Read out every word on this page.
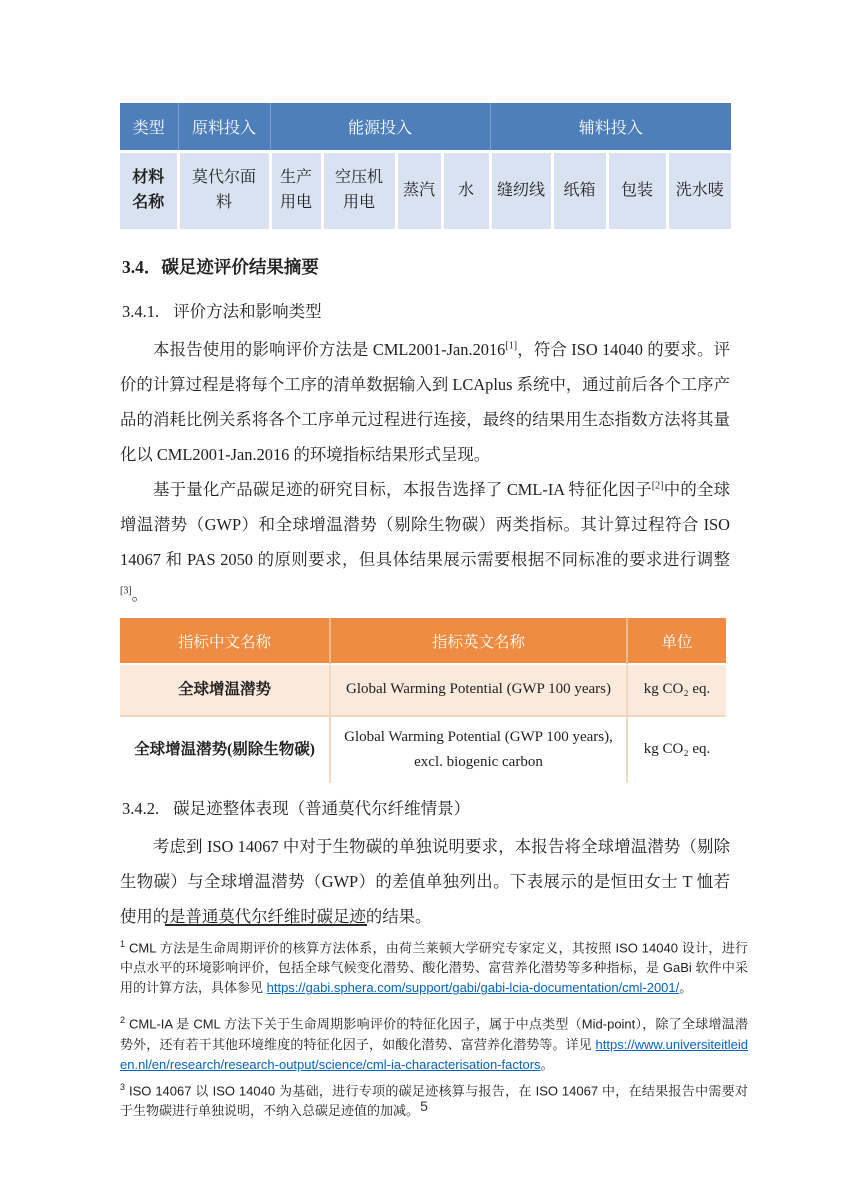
类型	原料投入	能源投入				辅料投入			
材料名称	莫代尔面料	生产用电	空压机用电	蒸汽	水	缝纫线	纸箱	包装	洗水唛
3.4．碳足迹评价结果摘要
3.4.1. 评价方法和影响类型

本报告使用的影响评价方法是 CML2001-Jan.2016[1]，符合 ISO 14040 的要求。评价的计算过程是将每个工序的清单数据输入到 LCAplus 系统中，通过前后各个工序产品的消耗比例关系将各个工序单元过程进行连接，最终的结果用生态指数方法将其量化以 CML2001-Jan.2016 的环境指标结果形式呈现。

基于量化产品碳足迹的研究目标，本报告选择了 CML-IA 特征化因子[2]中的全球增温潜势（GWP）和全球增温潜势（剔除生物碳）两类指标。其计算过程符合 ISO 14067 和 PAS 2050 的原则要求，但具体结果展示需要根据不同标准的要求进行调整[3]。

指标中文名称	指标英文名称	单位
全球增温潜势	Global Warming Potential (GWP 100 years)	kg CO₂ eq.
全球增温潜势(剔除生物碳)	Global Warming Potential (GWP 100 years), excl. biogenic carbon	kg CO₂ eq.
3.4.2. 碳足迹整体表现（普通莫代尔纤维情景）

考虑到 ISO 14067 中对于生物碳的单独说明要求，本报告将全球增温潜势（剔除生物碳）与全球增温潜势（GWP）的差值单独列出。下表展示的是恒田女士 T 恤若使用的是普通莫代尔纤维时碳足迹的结果。

$^1$ CML 方法是生命周期评价的核算方法体系，由荷兰莱顿大学研究专家定义，其按照 ISO 14040 设计，进行中点水平的环境影响评价，包括全球气候变化潜势、酸化潜势、富营养化潜势等多种指标，是 GaBi 软件中采用的计算方法，具体参见 https://gabi.sphera.com/support/gabi/gabi-lcia-documentation/cml-2001/。

$^2$ CML-IA 是 CML 方法下关于生命周期影响评价的特征化因子，属于中点类型（Mid-point），除了全球增温潜势外，还有若干其他环境维度的特征化因子，如酸化潜势、富营养化潜势等。详见 https://www.universiteitleiden.nl/en/research/research-output/science/cml-ia-characterisation-factors。

$^3$ ISO 14067 以 ISO 14040 为基础，进行专项的碳足迹核算与报告，在 ISO 14067 中，在结果报告中需要对于生物碳进行单独说明，不纳入总碳足迹值的加减。 5
